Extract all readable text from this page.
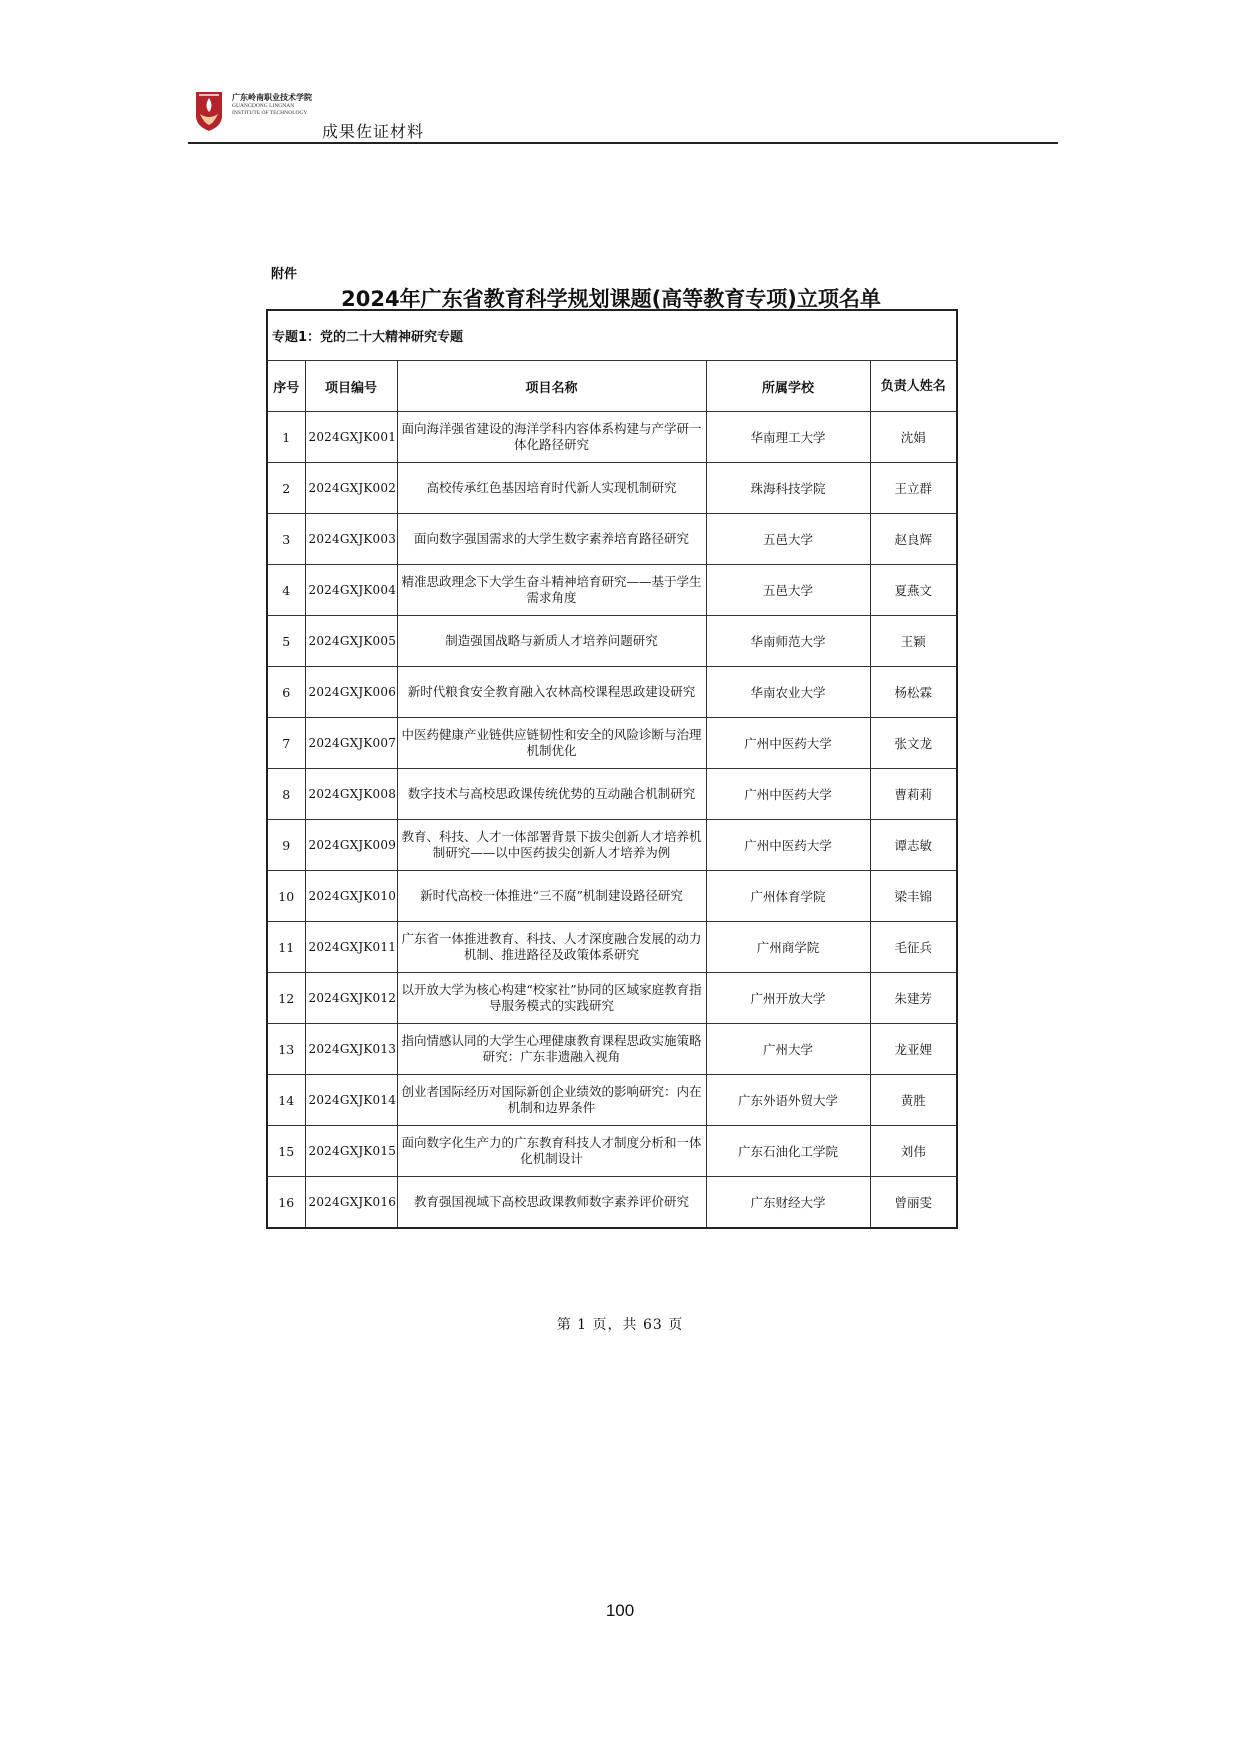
广东岭南职业技术学院
GUANGDONG LINGNAN
INSTITUTE OF TECHNOLOGY
成果佐证材料
附件
2024年广东省教育科学规划课题(高等教育专项)立项名单
专题1：党的二十大精神研究专题				
序号	项目编号	项目名称	所属学校	负责人姓名
1	2024GXJK001	面向海洋强省建设的海洋学科内容体系构建与产学研一体化路径研究	华南理工大学	沈娟
2	2024GXJK002	高校传承红色基因培育时代新人实现机制研究	珠海科技学院	王立群
3	2024GXJK003	面向数字强国需求的大学生数字素养培育路径研究	五邑大学	赵良辉
4	2024GXJK004	精准思政理念下大学生奋斗精神培育研究——基于学生需求角度	五邑大学	夏燕文
5	2024GXJK005	制造强国战略与新质人才培养问题研究	华南师范大学	王颖
6	2024GXJK006	新时代粮食安全教育融入农林高校课程思政建设研究	华南农业大学	杨松霖
7	2024GXJK007	中医药健康产业链供应链韧性和安全的风险诊断与治理机制优化	广州中医药大学	张文龙
8	2024GXJK008	数字技术与高校思政课传统优势的互动融合机制研究	广州中医药大学	曹莉莉
9	2024GXJK009	教育、科技、人才一体部署背景下拔尖创新人才培养机制研究——以中医药拔尖创新人才培养为例	广州中医药大学	谭志敏
10	2024GXJK010	新时代高校一体推进“三不腐”机制建设路径研究	广州体育学院	梁丰锦
11	2024GXJK011	广东省一体推进教育、科技、人才深度融合发展的动力机制、推进路径及政策体系研究	广州商学院	毛征兵
12	2024GXJK012	以开放大学为核心构建“校家社”协同的区域家庭教育指导服务模式的实践研究	广州开放大学	朱建芳
13	2024GXJK013	指向情感认同的大学生心理健康教育课程思政实施策略研究：广东非遗融入视角	广州大学	龙亚娌
14	2024GXJK014	创业者国际经历对国际新创企业绩效的影响研究：内在机制和边界条件	广东外语外贸大学	黄胜
15	2024GXJK015	面向数字化生产力的广东教育科技人才制度分析和一体化机制设计	广东石油化工学院	刘伟
16	2024GXJK016	教育强国视域下高校思政课教师数字素养评价研究	广东财经大学	曾丽雯
第 1 页，共 63 页
100
